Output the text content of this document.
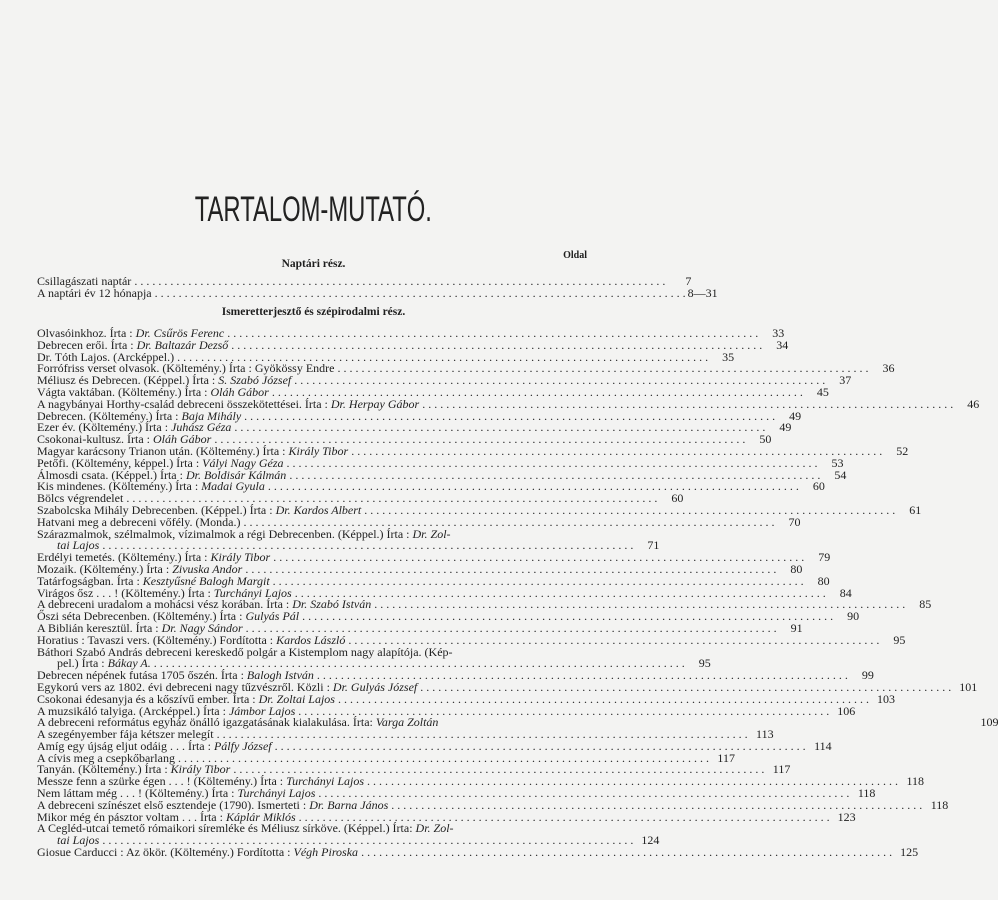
TARTALOM-MUTATÓ.
Oldal
Naptári rész.
Csillagászati naptár . . .	7
A naptári év 12 hónapja . . .	8—31
Ismeretterjesztő és szépirodalmi rész.
Olvasóinkhoz. Írta : Dr. Csűrös Ferenc . . .	33
Debrecen erői. Írta : Dr. Baltazár Dezső . . .	34
Dr. Tóth Lajos. (Arcképpel.) . . .	35
Forrófriss verset olvasok. (Költemény.) Írta : Gyökössy Endre . . .	36
Méliusz és Debrecen. (Képpel.) Írta : S. Szabó József . . .	37
Vágta vaktában. (Költemény.) Írta : Oláh Gábor . . .	45
A nagybányai Horthy-család debreceni összekötettései. Írta : Dr. Herpay Gábor . . .	46
Debrecen. (Költemény.) Írta : Baja Mihály . . .	49
Ezer év. (Költemény.) Írta : Juhász Géza . . .	49
Csokonai-kultusz. Írta : Oláh Gábor . . .	50
Magyar karácsony Trianon után. (Költemény.) Írta : Király Tibor . . .	52
Petőfi. (Költemény, képpel.) Írta : Vályi Nagy Géza . . .	53
Álmosdi csata. (Képpel.) Írta : Dr. Boldisár Kálmán . . .	54
Kis mindenes. (Költemény.) Írta : Madai Gyula . . .	60
Bölcs végrendelet . . .	60
Szabolcska Mihály Debrecenben. (Képpel.) Írta : Dr. Kardos Albert . . .	61
Hatvani meg a debreceni vőfély. (Monda.) . . .	70
Szárazmalmok, szélmalmok, vízimalmok a régi Debrecenben. (Képpel.) Írta : Dr. Zol-
tai Lajos . . .	71
Erdélyi temetés. (Költemény.) Írta : Király Tibor . . .	79
Mozaik. (Költemény.) Írta : Zivuska Andor . . .	80
Tatárfogságban. Írta : Kesztyűsné Balogh Margit . . .	80
Virágos ősz . . . ! (Költemény.) Írta : Turchányi Lajos . . .	84
A debreceni uradalom a mohácsi vész korában. Írta : Dr. Szabó István . . .	85
Őszi séta Debrecenben. (Költemény.) Írta : Gulyás Pál . . .	90
A Biblián keresztül. Írta : Dr. Nagy Sándor . . .	91
Horatius : Tavaszi vers. (Költemény.) Fordította : Kardos László . . .	95
Báthori Szabó András debreceni kereskedő polgár a Kistemplom nagy alapítója. (Kép-
pel.) Írta : Bákay A. . . .	95
Debrecen népének futása 1705 őszén. Írta : Balogh István . . .	99
Egykorú vers az 1802. évi debreceni nagy tűzvészről. Közli : Dr. Gulyás József . . .	101
Csokonai édesanyja és a kőszívű ember. Írta : Dr. Zoltai Lajos . . .	103
A muzsikáló talyiga. (Arcképpel.) Írta : Jámbor Lajos . . .	106
A debreceni református egyház önálló igazgatásának kialakulása. Írta: Varga Zoltán	109
A szegényember fája kétszer melegít . . .	113
Amíg egy újság eljut odáig . . . Írta : Pálfy József . . .	114
A cívis meg a csepkőbarlang . . .	117
Tanyán. (Költemény.) Írta : Király Tibor . . .	117
Messze fenn a szürke égen . . . ! (Költemény.) Írta : Turchányi Lajos . . .	118
Nem láttam még . . . ! (Költemény.) Írta : Turchányi Lajos . . .	118
A debreceni színészet első esztendeje (1790). Ismerteti : Dr. Barna János . . .	118
Mikor még én pásztor voltam . . . Írta : Káplár Miklós . . .	123
A Cegléd-utcai temető rómaikori síremléke és Méliusz sírköve. (Képpel.) Írta: Dr. Zol-
tai Lajos . . .	124
Giosue Carducci : Az ökör. (Költemény.) Fordította : Végh Piroska . . .	125
